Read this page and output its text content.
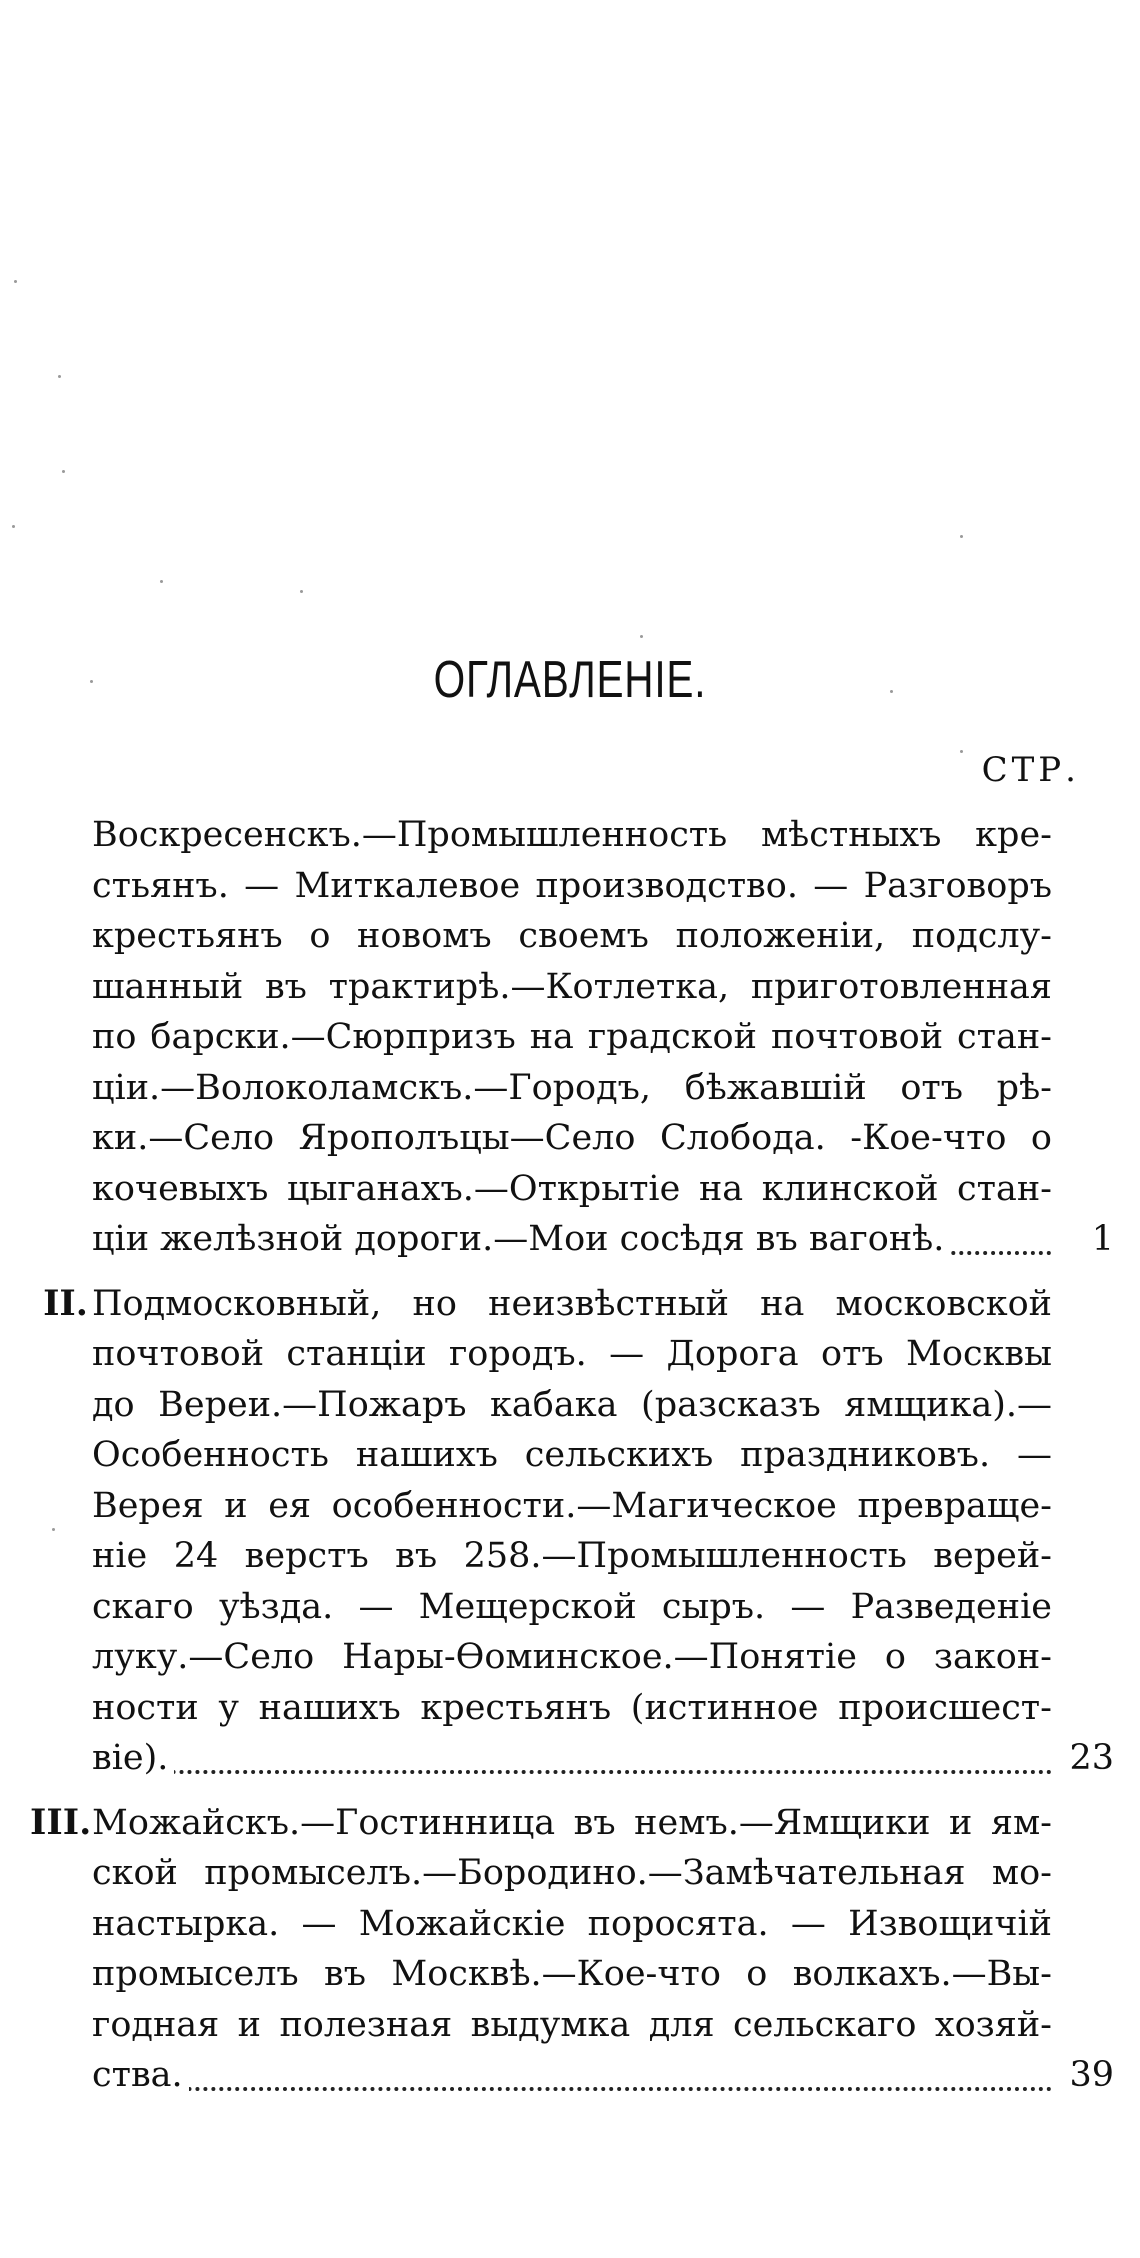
ОГЛАВЛЕНІЕ.
СТР.
Воскресенскъ.—Промышленность мѣстныхъ кре-
стьянъ. — Миткалевое производство. — Разговоръ
крестьянъ о новомъ своемъ положеніи, подслу-
шанный въ трактирѣ.—Котлетка, приготовленная
по барски.—Сюрпризъ на градской почтовой стан-
ціи.—Волоколамскъ.—Городъ, бѣжавшій отъ рѣ-
ки.—Село Ярополъцы—Село Слобода. -Кое-что о
кочевыхъ цыганахъ.—Открытіе на клинской стан-
ціи желѣзной дороги.—Мои сосѣдя въ вагонѣ.	1
II. Подмосковный, но неизвѣстный на московской
почтовой станціи городъ. — Дорога отъ Москвы
до Вереи.—Пожаръ кабака (разсказъ ямщика).—
Особенность нашихъ сельскихъ праздниковъ. —
Верея и ея особенности.—Магическое превраще-
ніе 24 верстъ въ 258.—Промышленность верей-
скаго уѣзда. — Мещерской сыръ. — Разведеніе
луку.—Село Нары-Ѳоминское.—Понятіе о закон-
ности у нашихъ крестьянъ (истинное происшест-
віе).	23
III. Можайскъ.—Гостинница въ немъ.—Ямщики и ям-
ской промыселъ.—Бородино.—Замѣчательная мо-
настырка. — Можайскіе поросята. — Извощичій
промыселъ въ Москвѣ.—Кое-что о волкахъ.—Вы-
годная и полезная выдумка для сельскаго хозяй-
ства.	39
